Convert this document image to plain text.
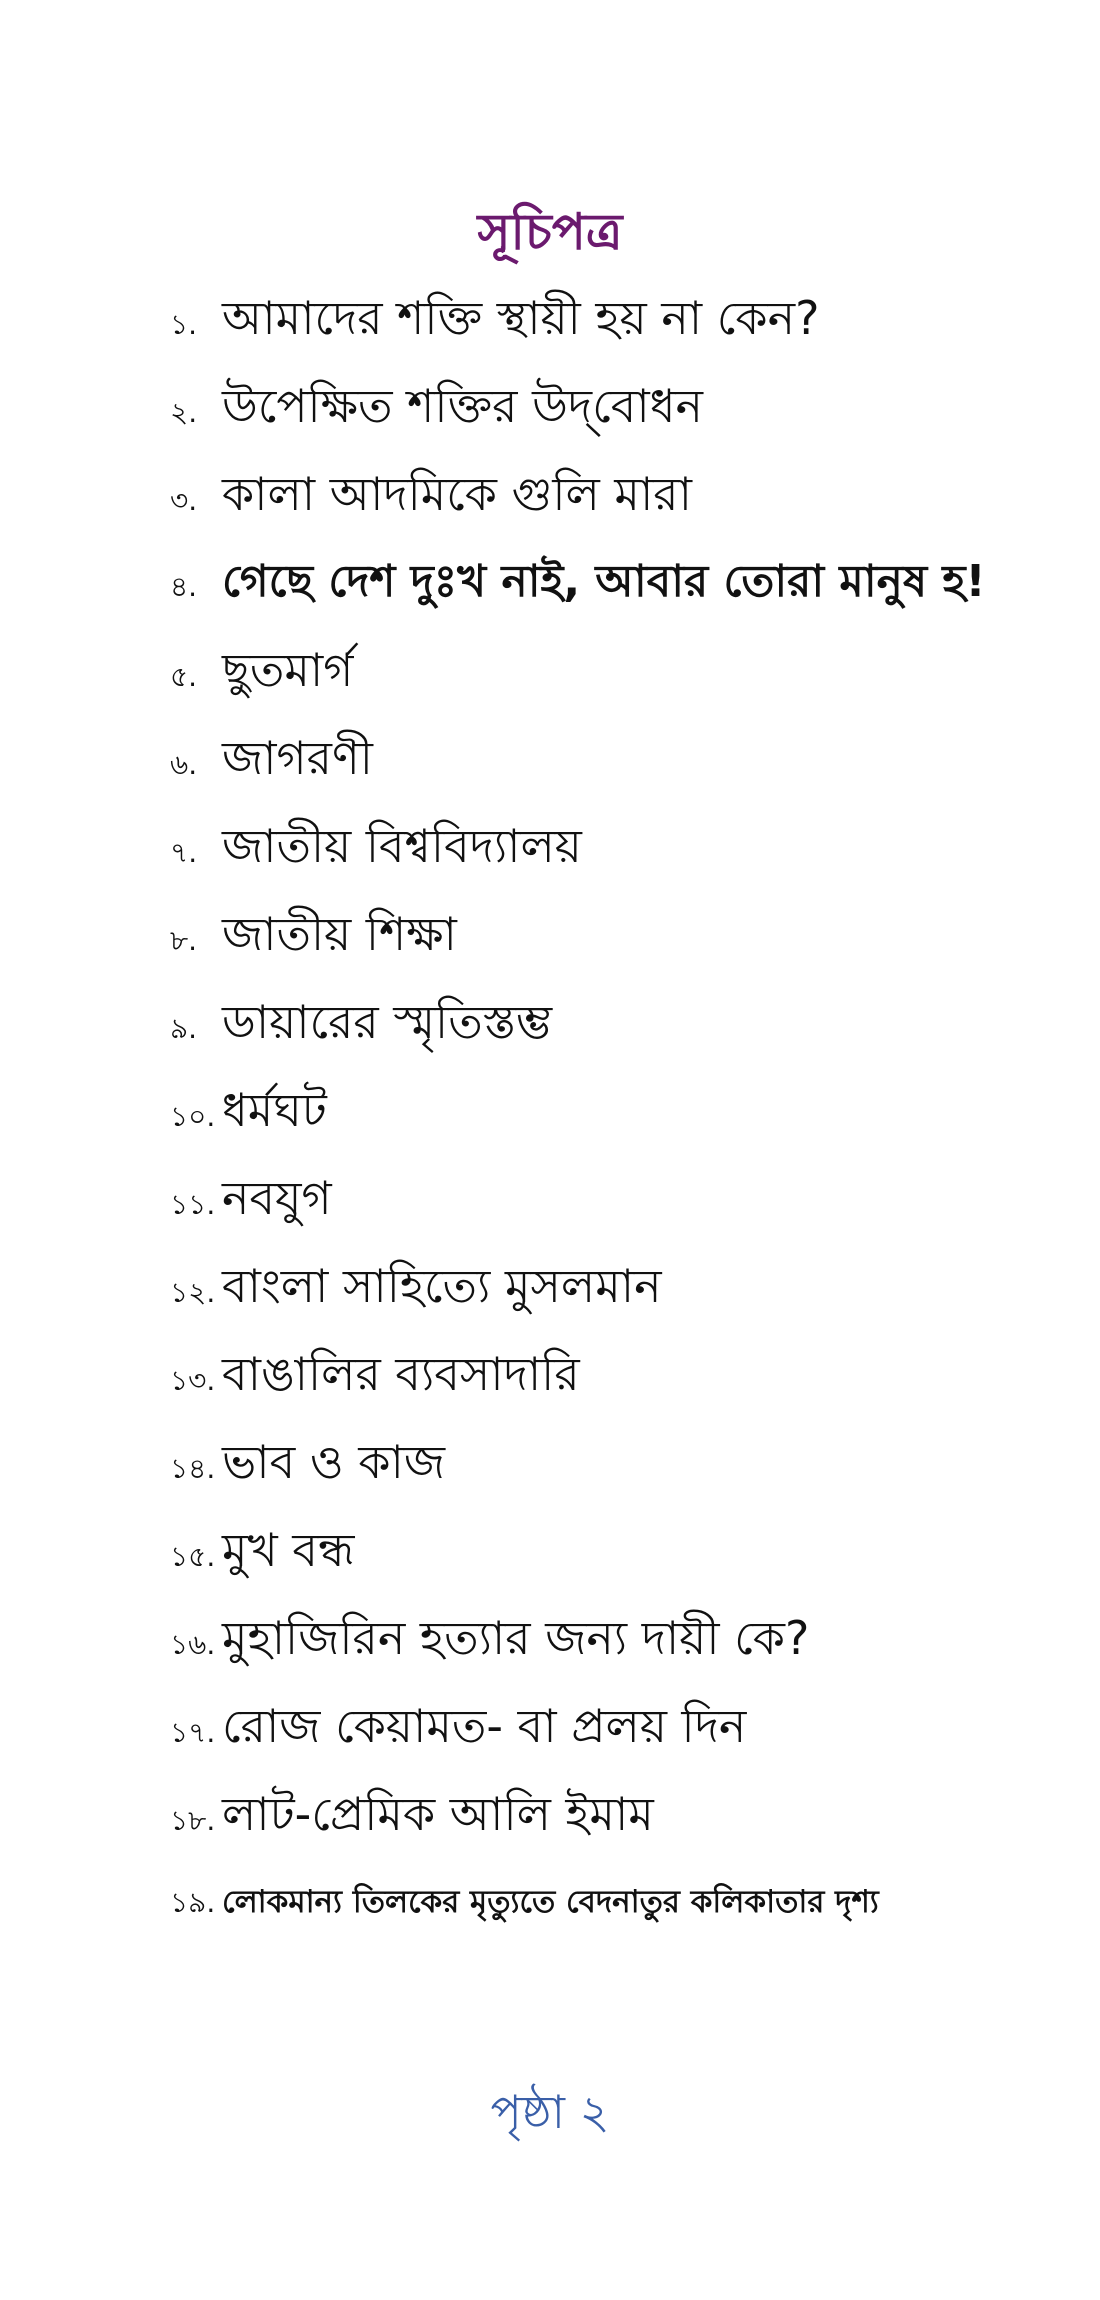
সূচিপত্র
১. আমাদের শক্তি স্থায়ী হয় না কেন?
২. উপেক্ষিত শক্তির উদ্‌বোধন
৩. কালা আদমিকে গুলি মারা
৪. গেছে দেশ দুঃখ নাই, আবার তোরা মানুষ হ!
৫. ছুতমার্গ
৬. জাগরণী
৭. জাতীয় বিশ্ববিদ্যালয়
৮. জাতীয় শিক্ষা
৯. ডায়ারের স্মৃতিস্তম্ভ
১০. ধর্মঘট
১১. নবযুগ
১২. বাংলা সাহিত্যে মুসলমান
১৩. বাঙালির ব্যবসাদারি
১৪. ভাব ও কাজ
১৫. মুখ বন্ধ
১৬. মুহাজিরিন হত্যার জন্য দায়ী কে?
১৭. রোজ কেয়ামত- বা প্রলয় দিন
১৮. লাট-প্রেমিক আলি ইমাম
১৯. লোকমান্য তিলকের মৃত্যুতে বেদনাতুর কলিকাতার দৃশ্য
পৃষ্ঠা ২
